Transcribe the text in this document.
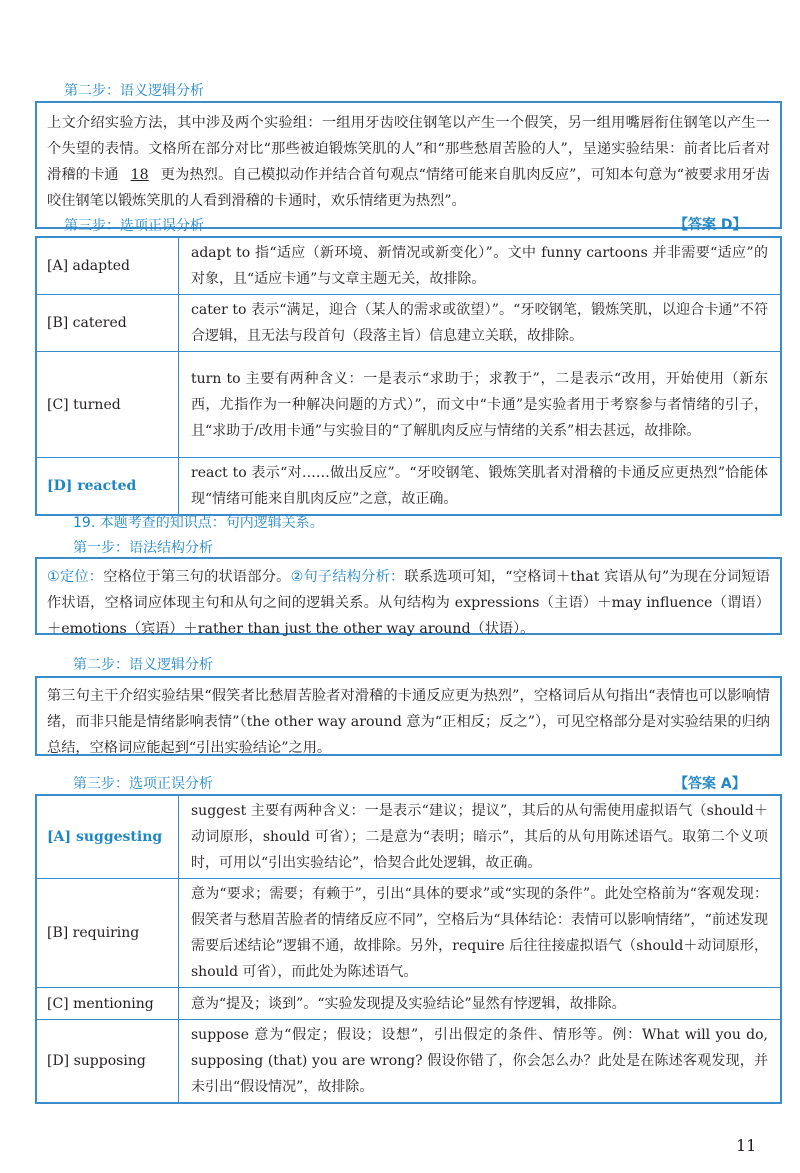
第二步：语义逻辑分析
上文介绍实验方法，其中涉及两个实验组：一组用牙齿咬住钢笔以产生一个假笑，另一组用嘴唇衔住钢笔以产生一个失望的表情。文格所在部分对比“那些被迫锻炼笑肌的人”和“那些愁眉苦脸的人”，呈递实验结果：前者比后者对滑稽的卡通 18 更为热烈。自己模拟动作并结合首句观点“情绪可能来自肌肉反应”，可知本句意为“被要求用牙齿咬住钢笔以锻炼笑肌的人看到滑稽的卡通时，欢乐情绪更为热烈”。
第三步：选项正误分析	【答案 D】
[A] adapted	adapt to 指“适应（新环境、新情况或新变化）”。文中 funny cartoons 并非需要“适应”的对象，且“适应卡通”与文章主题无关，故排除。
[B] catered	cater to 表示“满足，迎合（某人的需求或欲望）”。“牙咬钢笔，锻炼笑肌，以迎合卡通”不符合逻辑，且无法与段首句（段落主旨）信息建立关联，故排除。
[C] turned	turn to 主要有两种含义：一是表示“求助于；求教于”，二是表示“改用，开始使用（新东西，尤指作为一种解决问题的方式）”，而文中“卡通”是实验者用于考察参与者情绪的引子，且“求助于/改用卡通”与实验目的“了解肌肉反应与情绪的关系”相去甚远，故排除。
[D] reacted	react to 表示“对……做出反应”。“牙咬钢笔、锻炼笑肌者对滑稽的卡通反应更热烈”恰能体现“情绪可能来自肌肉反应”之意，故正确。
19. 本题考查的知识点：句内逻辑关系。
第一步：语法结构分析
①定位：空格位于第三句的状语部分。②句子结构分析：联系选项可知，“空格词＋that 宾语从句”为现在分词短语作状语，空格词应体现主句和从句之间的逻辑关系。从句结构为 expressions（主语）＋may influence（谓语）＋emotions（宾语）＋rather than just the other way around（状语）。
第二步：语义逻辑分析
第三句主干介绍实验结果“假笑者比愁眉苦脸者对滑稽的卡通反应更为热烈”，空格词后从句指出“表情也可以影响情绪，而非只能是情绪影响表情”（the other way around 意为“正相反；反之”），可见空格部分是对实验结果的归纳总结，空格词应能起到“引出实验结论”之用。
第三步：选项正误分析	【答案 A】
[A] suggesting	suggest 主要有两种含义：一是表示“建议；提议”，其后的从句需使用虚拟语气（should＋动词原形，should 可省）；二是意为“表明；暗示”，其后的从句用陈述语气。取第二个义项时，可用以“引出实验结论”，恰契合此处逻辑，故正确。
[B] requiring	意为“要求；需要；有赖于”，引出“具体的要求”或“实现的条件”。此处空格前为“客观发现：假笑者与愁眉苦脸者的情绪反应不同”，空格后为“具体结论：表情可以影响情绪”，“前述发现需要后述结论”逻辑不通，故排除。另外，require 后往往接虚拟语气（should＋动词原形，should 可省），而此处为陈述语气。
[C] mentioning	意为“提及；谈到”。“实验发现提及实验结论”显然有悖逻辑，故排除。
[D] supposing	suppose 意为“假定；假设；设想”，引出假定的条件、情形等。例：What will you do, supposing (that) you are wrong? 假设你错了，你会怎么办？此处是在陈述客观发现，并未引出“假设情况”，故排除。
11
